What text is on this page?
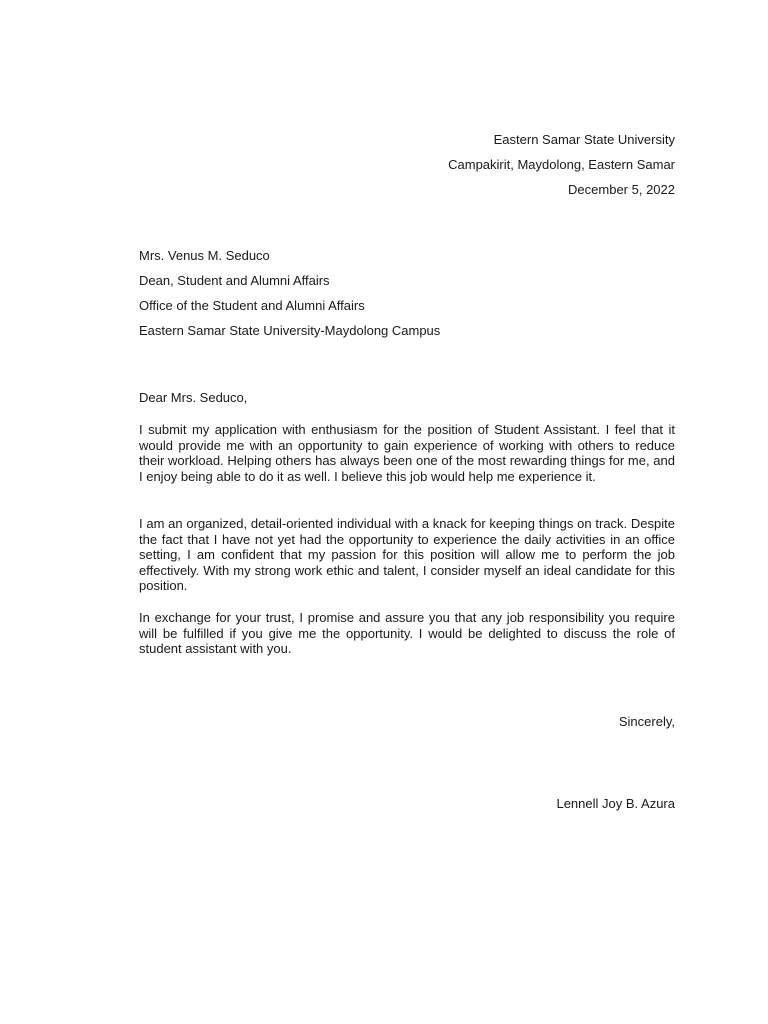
Eastern Samar State University
Campakirit, Maydolong, Eastern Samar
December 5, 2022
Mrs. Venus M. Seduco
Dean, Student and Alumni Affairs
Office of the Student and Alumni Affairs
Eastern Samar State University-Maydolong Campus
Dear Mrs. Seduco,
I submit my application with enthusiasm for the position of Student Assistant. I feel that it would provide me with an opportunity to gain experience of working with others to reduce their workload. Helping others has always been one of the most rewarding things for me, and I enjoy being able to do it as well. I believe this job would help me experience it.
I am an organized, detail-oriented individual with a knack for keeping things on track. Despite the fact that I have not yet had the opportunity to experience the daily activities in an office setting, I am confident that my passion for this position will allow me to perform the job effectively. With my strong work ethic and talent, I consider myself an ideal candidate for this position.
In exchange for your trust, I promise and assure you that any job responsibility you require will be fulfilled if you give me the opportunity. I would be delighted to discuss the role of student assistant with you.
Sincerely,
Lennell Joy B. Azura
